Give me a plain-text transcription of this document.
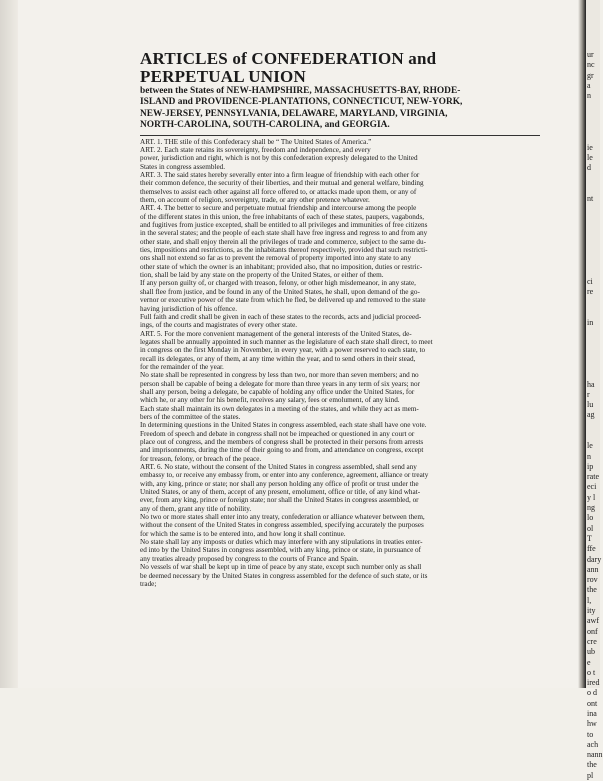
ARTICLES of CONFEDERATION and PERPETUAL UNION
between the States of NEW-HAMPSHIRE, MASSACHUSETTS-BAY, RHODE-
ISLAND and PROVIDENCE-PLANTATIONS, CONNECTICUT, NEW-YORK,
NEW-JERSEY, PENNSYLVANIA, DELAWARE, MARYLAND, VIRGINIA,
NORTH-CAROLINA, SOUTH-CAROLINA, and GEORGIA.
ART. 1. THE stile of this Confederacy shall be “ The United States of America.”
ART. 2. Each state retains its sovereignty, freedom and independence, and every
power, jurisdiction and right, which is not by this confederation expresly delegated to the United
States in congress assembled.
ART. 3. The said states hereby severally enter into a firm league of friendship with each other for
their common defence, the security of their liberties, and their mutual and general welfare, binding
themselves to assist each other against all force offered to, or attacks made upon them, or any of
them, on account of religion, sovereignty, trade, or any other pretence whatever.
ART. 4. The better to secure and perpetuate mutual friendship and intercourse among the people
of the different states in this union, the free inhabitants of each of these states, paupers, vagabonds,
and fugitives from justice excepted, shall be entitled to all privileges and immunities of free citizens
in the several states; and the people of each state shall have free ingress and regress to and from any
other state, and shall enjoy therein all the privileges of trade and commerce, subject to the same du-
ties, impositions and restrictions, as the inhabitants thereof respectively, provided that such restricti-
ons shall not extend so far as to prevent the removal of property imported into any state to any
other state of which the owner is an inhabitant; provided also, that no imposition, duties or restric-
tion, shall be laid by any state on the property of the United States, or either of them.
If any person guilty of, or charged with treason, felony, or other high misdemeanor, in any state,
shall flee from justice, and be found in any of the United States, he shall, upon demand of the go-
vernor or executive power of the state from which he fled, be delivered up and removed to the state
having jurisdiction of his offence.
Full faith and credit shall be given in each of these states to the records, acts and judicial proceed-
ings, of the courts and magistrates of every other state.
ART. 5. For the more convenient management of the general interests of the United States, de-
legates shall be annually appointed in such manner as the legislature of each state shall direct, to meet
in congress on the first Monday in November, in every year, with a power reserved to each state, to
recall its delegates, or any of them, at any time within the year, and to send others in their stead,
for the remainder of the year.
No state shall be represented in congress by less than two, nor more than seven members; and no
person shall be capable of being a delegate for more than three years in any term of six years; nor
shall any person, being a delegate, be capable of holding any office under the United States, for
which he, or any other for his benefit, receives any salary, fees or emolument, of any kind.
Each state shall maintain its own delegates in a meeting of the states, and while they act as mem-
bers of the committee of the states.
In determining questions in the United States in congress assembled, each state shall have one vote.
Freedom of speech and debate in congress shall not be impeached or questioned in any court or
place out of congress, and the members of congress shall be protected in their persons from arrests
and imprisonments, during the time of their going to and from, and attendance on congress, except
for treason, felony, or breach of the peace.
ART. 6. No state, without the consent of the United States in congress assembled, shall send any
embassy to, or receive any embassy from, or enter into any conference, agreement, alliance or treaty
with, any king, prince or state; nor shall any person holding any office of profit or trust under the
United States, or any of them, accept of any present, emolument, office or title, of any kind what-
ever, from any king, prince or foreign state; nor shall the United States in congress assembled, or
any of them, grant any title of nobility.
No two or more states shall enter into any treaty, confederation or alliance whatever between them,
without the consent of the United States in congress assembled, specifying accurately the purposes
for which the same is to be entered into, and how long it shall continue.
No state shall lay any imposts or duties which may interfere with any stipulations in treaties enter-
ed into by the United States in congress assembled, with any king, prince or state, in pursuance of
any treaties already proposed by congress to the courts of France and Spain.
No vessels of war shall be kept up in time of peace by any state, except such number only as shall
be deemed necessary by the United States in congress assembled for the defence of such state, or its
trade;
ur
nc
gr
a
n
ie
le
d
nt
ci
re
in
ha
r
lu
ag
le
n
ip
rate
eci
y l
ng
lo
ol
T
ffe
dary
ann
rov
the
l,
ity
awf
onf
cre
ub
e
o t
ired
o d
ont
ina
hw
to
ach
nann
the
pl
